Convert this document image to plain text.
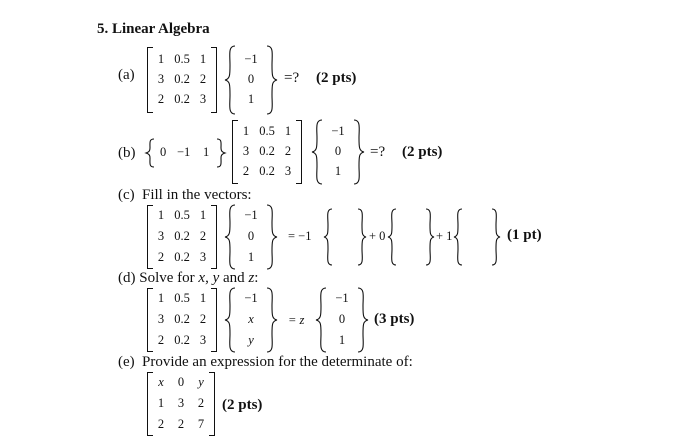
5. Linear Algebra
(a)
1 0.5 1
3 0.2 2
2 0.2 3
−1
0
1
=? (2 pts)
(b) 0 −1 1
1 0.5 1
3 0.2 2
2 0.2 3
−1
0
1
=? (2 pts)
(c) Fill in the vectors:
1 0.5 1
3 0.2 2
2 0.2 3
−1
0
1
= −1	+ 0	+ 1	(1 pt)
(d) Solve for x, y and z:
1 0.5 1
3 0.2 2
2 0.2 3
−1
x
y
= z
−1
0
1
(3 pts)
(e) Provide an expression for the determinate of:
x	0	y
1	3	2
2	2	7
(2 pts)
